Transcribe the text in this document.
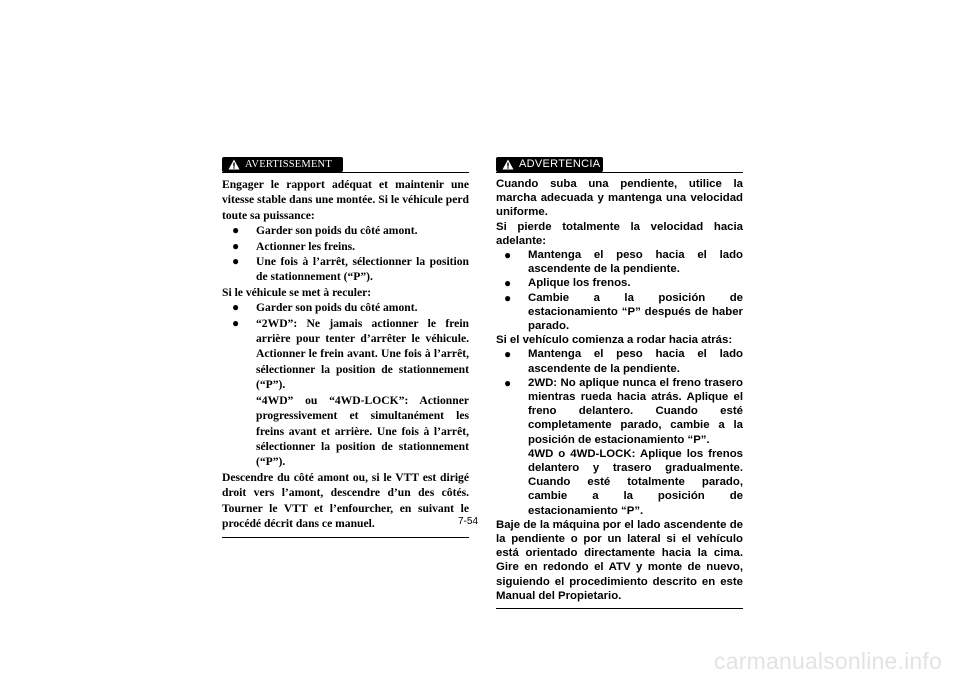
AVERTISSEMENT

Engager le rapport adéquat et maintenir une vitesse stable dans une montée. Si le véhicule perd toute sa puissance:

● Garder son poids du côté amont.
● Actionner les freins.
● Une fois à l’arrêt, sélectionner la position de stationnement (“P”).

Si le véhicule se met à reculer:

● Garder son poids du côté amont.
● “2WD”: Ne jamais actionner le frein arrière pour tenter d’arrêter le véhicule. Actionner le frein avant. Une fois à l’arrêt, sélectionner la position de stationnement (“P”).
“4WD” ou “4WD-LOCK”: Actionner progressivement et simultanément les freins avant et arrière. Une fois à l’arrêt, sélectionner la position de stationnement (“P”).

Descendre du côté amont ou, si le VTT est dirigé droit vers l’amont, descendre d’un des côtés. Tourner le VTT et l’enfourcher, en suivant le procédé décrit dans ce manuel.

ADVERTENCIA

Cuando suba una pendiente, utilice la marcha adecuada y mantenga una velocidad uniforme.

Si pierde totalmente la velocidad hacia adelante:

● Mantenga el peso hacia el lado ascendente de la pendiente.
● Aplique los frenos.
● Cambie a la posición de estacionamiento “P” después de haber parado.

Si el vehículo comienza a rodar hacia atrás:

● Mantenga el peso hacia el lado ascendente de la pendiente.
● 2WD: No aplique nunca el freno trasero mientras rueda hacia atrás. Aplique el freno delantero. Cuando esté completamente parado, cambie a la posición de estacionamiento “P”.
4WD o 4WD-LOCK: Aplique los frenos delantero y trasero gradualmente. Cuando esté totalmente parado, cambie a la posición de estacionamiento “P”.

Baje de la máquina por el lado ascendente de la pendiente o por un lateral si el vehículo está orientado directamente hacia la cima. Gire en redondo el ATV y monte de nuevo, siguiendo el procedimiento descrito en este Manual del Propietario.

7-54
carmanualsonline.info
